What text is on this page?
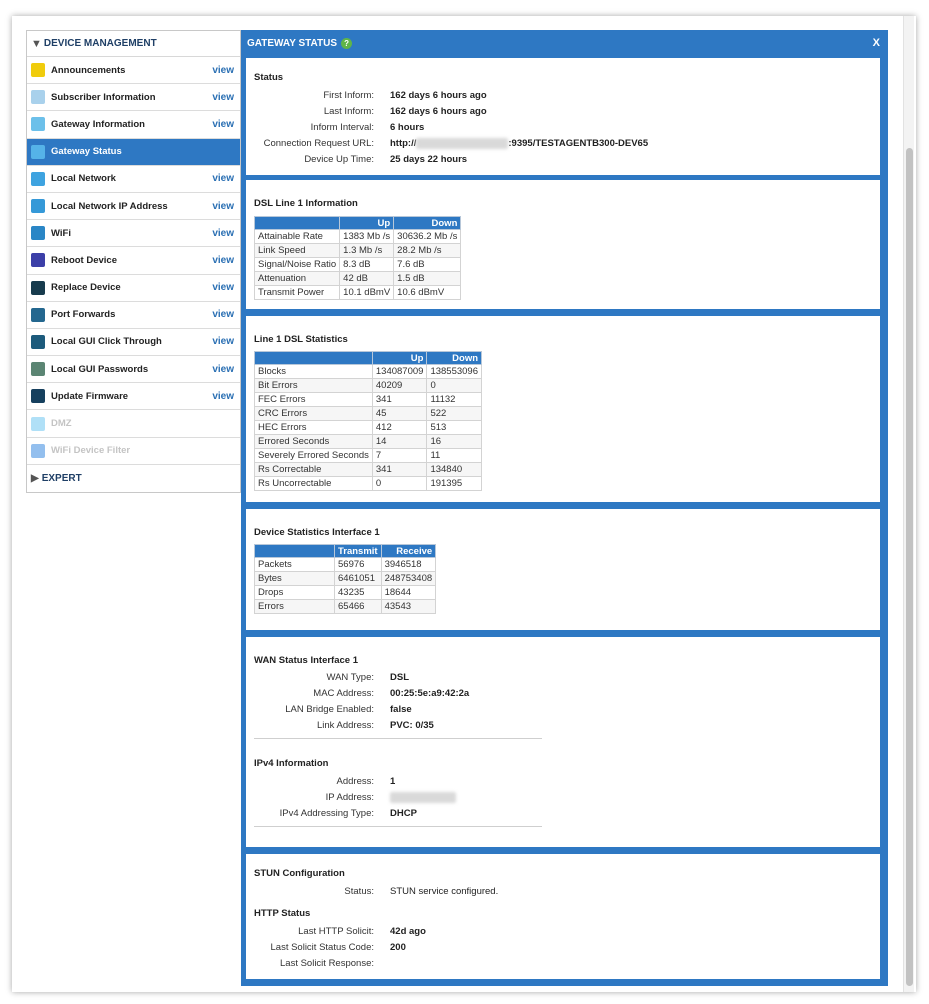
▼ DEVICE MANAGEMENT
Announcements	view
Subscriber Information	view
Gateway Information	view
Gateway Status
Local Network	view
Local Network IP Address	view
WiFi	view
Reboot Device	view
Replace Device	view
Port Forwards	view
Local GUI Click Through	view
Local GUI Passwords	view
Update Firmware	view
DMZ
WiFi Device Filter
▶ EXPERT
GATEWAY STATUS ?	X
Status
First Inform: 162 days 6 hours ago
Last Inform: 162 days 6 hours ago
Inform Interval: 6 hours
Connection Request URL: http://	:9395/TESTAGENTB300-DEV65
Device Up Time: 25 days 22 hours
DSL Line 1 Information
	Up	Down
Attainable Rate	1383 Mb /s	30636.2 Mb /s
Link Speed	1.3 Mb /s	28.2 Mb /s
Signal/Noise Ratio	8.3 dB	7.6 dB
Attenuation	42 dB	1.5 dB
Transmit Power	10.1 dBmV	10.6 dBmV
Line 1 DSL Statistics
	Up	Down
Blocks	134087009	138553096
Bit Errors	40209	0
FEC Errors	341	11132
CRC Errors	45	522
HEC Errors	412	513
Errored Seconds	14	16
Severely Errored Seconds	7	11
Rs Correctable	341	134840
Rs Uncorrectable	0	191395
Device Statistics Interface 1
	Transmit	Receive
Packets	56976	3946518
Bytes	6461051	248753408
Drops	43235	18644
Errors	65466	43543
WAN Status Interface 1
WAN Type: DSL
MAC Address: 00:25:5e:a9:42:2a
LAN Bridge Enabled: false
Link Address: PVC: 0/35
IPv4 Information
Address: 1
IP Address:
IPv4 Addressing Type: DHCP
STUN Configuration
Status: STUN service configured.
HTTP Status
Last HTTP Solicit: 42d ago
Last Solicit Status Code: 200
Last Solicit Response:
